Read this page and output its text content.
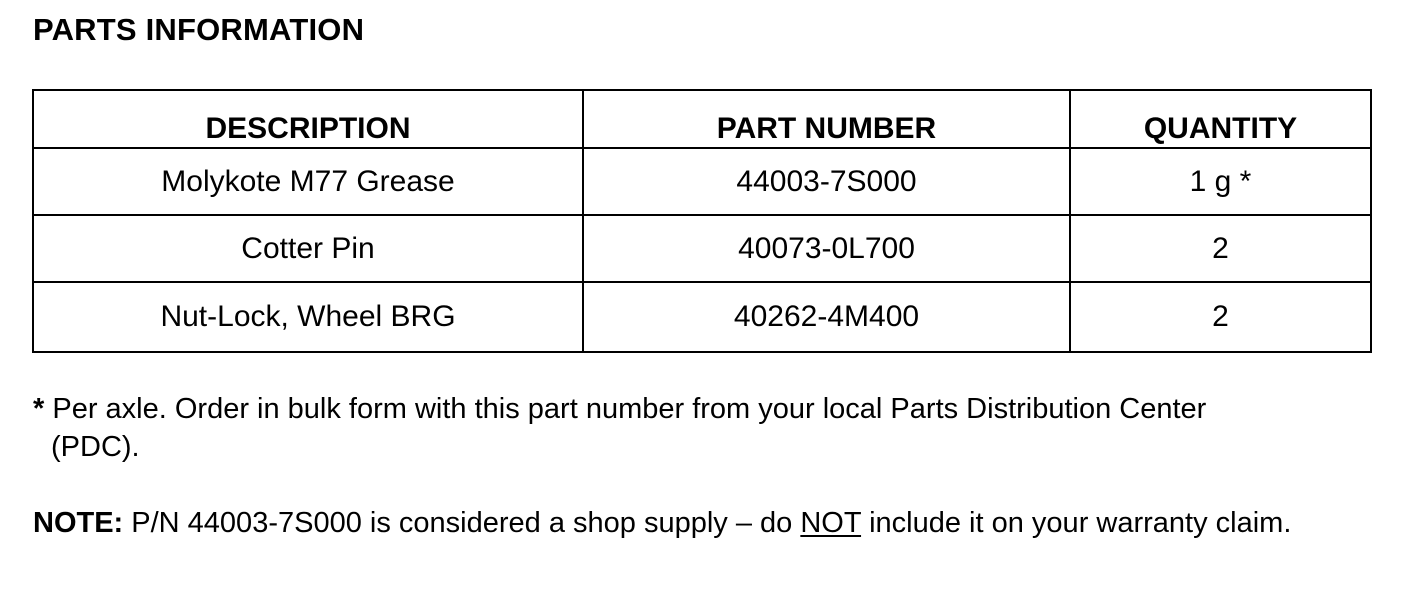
PARTS INFORMATION
DESCRIPTION	PART NUMBER	QUANTITY
Molykote M77 Grease	44003-7S000	1 g *
Cotter Pin	40073-0L700	2
Nut-Lock, Wheel BRG	40262-4M400	2
* Per axle. Order in bulk form with this part number from your local Parts Distribution Center
(PDC).
NOTE: P/N 44003-7S000 is considered a shop supply – do NOT include it on your warranty claim.
